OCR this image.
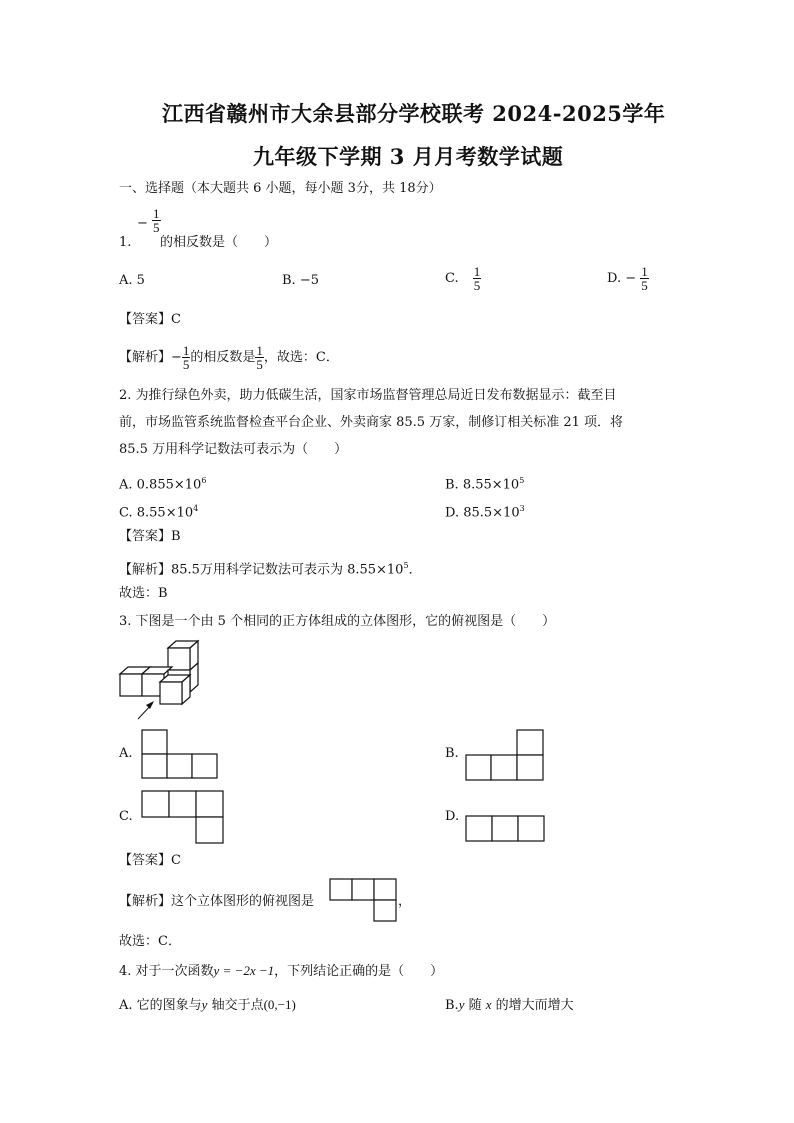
江西省赣州市大余县部分学校联考 2024-2025学年
九年级下学期 3 月月考数学试题
一、选择题（本大题共 6 小题，每小题 3分，共 18分）
− $\frac{1}{5}$
1. 的相反数是（　　）
A. 5	B. −5	C. $\frac{1}{5}$	D. − $\frac{1}{5}$
【答案】C
【解析】− $\frac{1}{5}$ 的相反数是 $\frac{1}{5}$ ，故选：C．
2. 为推行绿色外卖，助力低碳生活，国家市场监督管理总局近日发布数据显示：截至目
前，市场监管系统监督检查平台企业、外卖商家 85.5 万家，制修订相关标准 21 项．将
85.5 万用科学记数法可表示为（　　）
A. $0.855\times 10^6$	B. $8.55\times 10^5$
C. $8.55\times 10^4$	D. $85.5\times 10^3$
【答案】B
【解析】85.5万用科学记数法可表示为 $8.55\times 10^5$．
故选：B
3. 下图是一个由 5 个相同的正方体组成的立体图形，它的俯视图是（　　）
A.	B.
C.	D.
【答案】C
【解析】这个立体图形的俯视图是	，
故选：C．
4. 对于一次函数y = −2x −1，下列结论正确的是（　　）
A. 它的图象与y 轴交于点(0,−1)	B.y 随 x 的增大而增大
